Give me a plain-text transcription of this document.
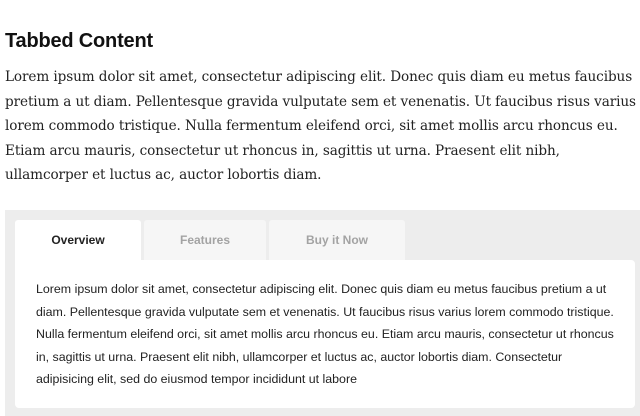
Tabbed Content

Lorem ipsum dolor sit amet, consectetur adipiscing elit. Donec quis diam eu metus faucibus pretium a ut diam. Pellentesque gravida vulputate sem et venenatis. Ut faucibus risus varius lorem commodo tristique. Nulla fermentum eleifend orci, sit amet mollis arcu rhoncus eu. Etiam arcu mauris, consectetur ut rhoncus in, sagittis ut urna. Praesent elit nibh, ullamcorper et luctus ac, auctor lobortis diam.

Overview	Features	Buy it Now

Lorem ipsum dolor sit amet, consectetur adipiscing elit. Donec quis diam eu metus faucibus pretium a ut diam. Pellentesque gravida vulputate sem et venenatis. Ut faucibus risus varius lorem commodo tristique. Nulla fermentum eleifend orci, sit amet mollis arcu rhoncus eu. Etiam arcu mauris, consectetur ut rhoncus in, sagittis ut urna. Praesent elit nibh, ullamcorper et luctus ac, auctor lobortis diam. Consectetur adipisicing elit, sed do eiusmod tempor incididunt ut labore
